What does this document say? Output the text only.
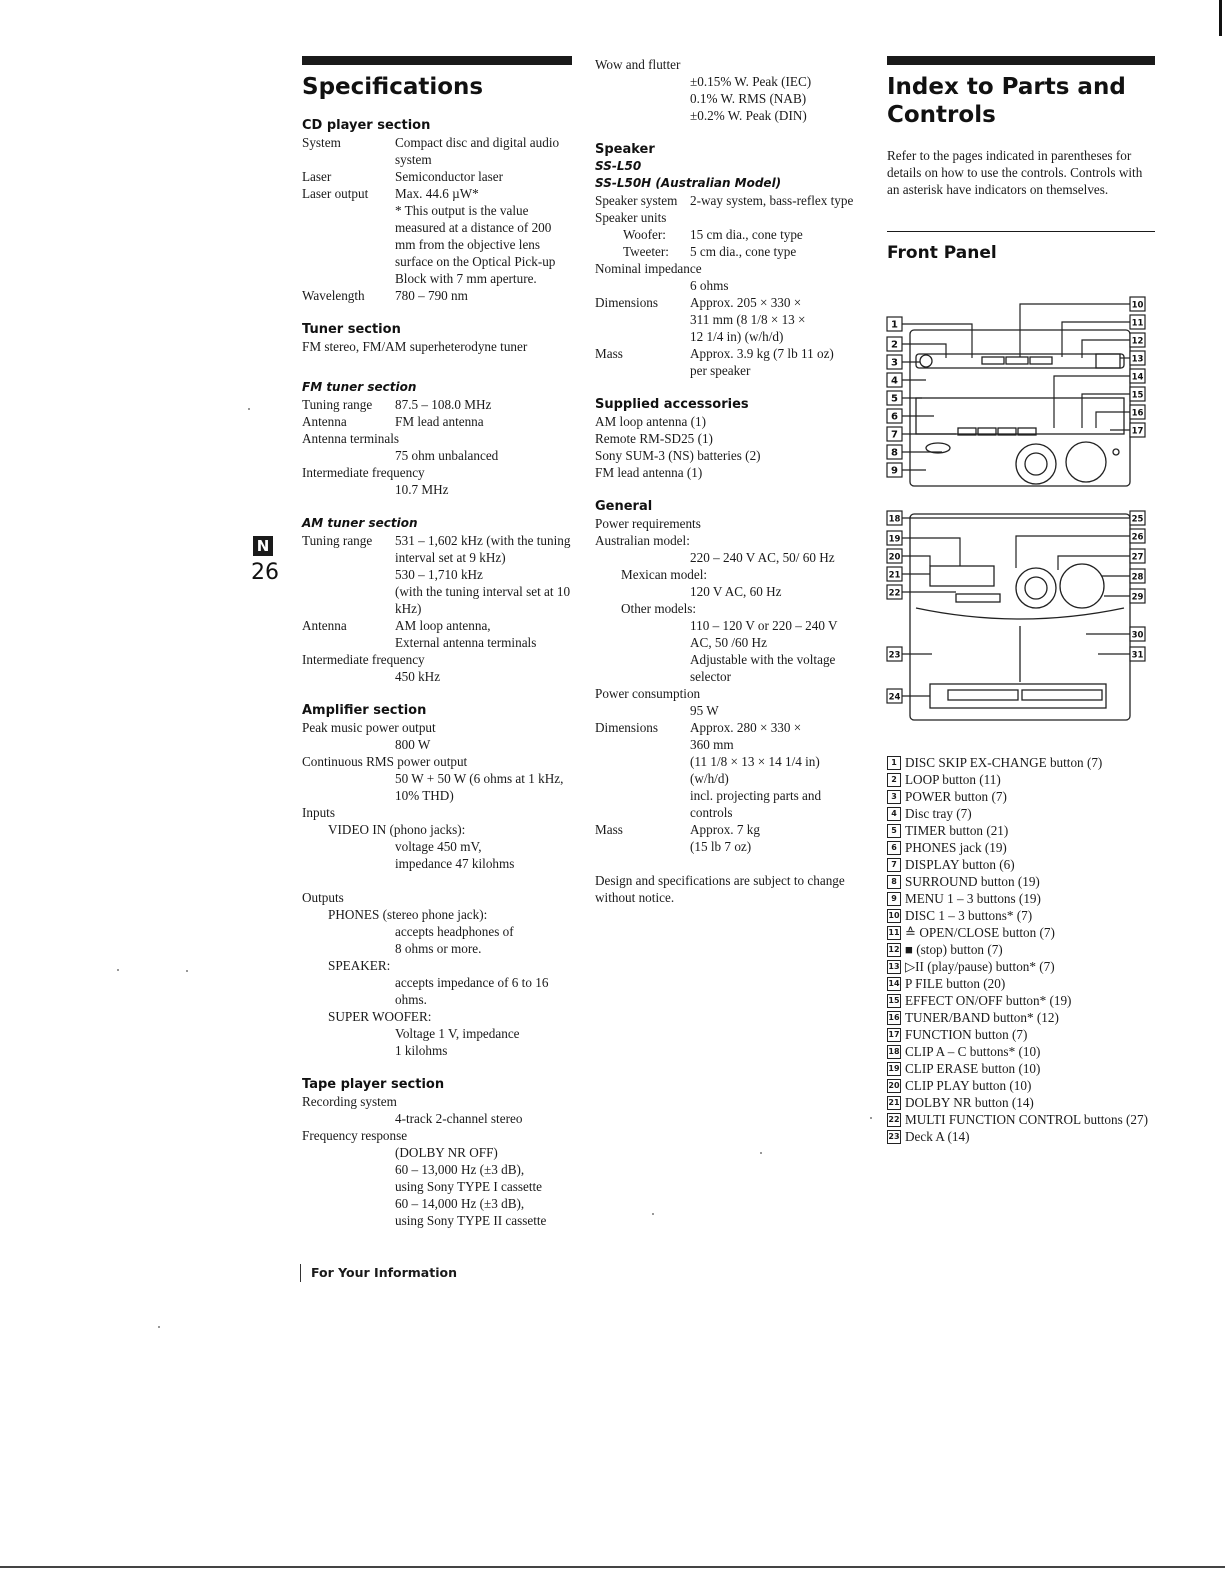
N
26
Specifications
CD player section
System	Compact disc and digital audio system
Laser	Semiconductor laser
Laser output	Max. 44.6 µW*
* This output is the value measured at a distance of 200 mm from the objective lens surface on the Optical Pick-up Block with 7 mm aperture.
Wavelength	780 – 790 nm
Tuner section
FM stereo, FM/AM superheterodyne tuner
FM tuner section
Tuning range	87.5 – 108.0 MHz
Antenna	FM lead antenna
Antenna terminals
75 ohm unbalanced
Intermediate frequency
10.7 MHz
AM tuner section
Tuning range	531 – 1,602 kHz (with the tuning interval set at 9 kHz)
530 – 1,710 kHz
(with the tuning interval set at 10 kHz)
Antenna	AM loop antenna,
External antenna terminals
Intermediate frequency
450 kHz
Amplifier section
Peak music power output
800 W
Continuous RMS power output
50 W + 50 W (6 ohms at 1 kHz, 10% THD)
Inputs
VIDEO IN (phono jacks):
voltage 450 mV,
impedance 47 kilohms
Outputs
PHONES (stereo phone jack):
accepts headphones of
8 ohms or more.
SPEAKER:
accepts impedance of 6 to 16 ohms.
SUPER WOOFER:
Voltage 1 V, impedance
1 kilohms
Tape player section
Recording system
4-track 2-channel stereo
Frequency response
(DOLBY NR OFF)
60 – 13,000 Hz (±3 dB),
using Sony TYPE I cassette
60 – 14,000 Hz (±3 dB),
using Sony TYPE II cassette
Wow and flutter
±0.15% W. Peak (IEC)
0.1% W. RMS (NAB)
±0.2% W. Peak (DIN)
Speaker
SS-L50
SS-L50H (Australian Model)
Speaker system 2-way system, bass-reflex type
Speaker units
Woofer:	15 cm dia., cone type
Tweeter:	5 cm dia., cone type
Nominal impedance
6 ohms
Dimensions	Approx. 205 × 330 ×
311 mm (8 1/8 × 13 ×
12 1/4 in) (w/h/d)
Mass	Approx. 3.9 kg (7 lb 11 oz)
per speaker
Supplied accessories
AM loop antenna (1)
Remote RM-SD25 (1)
Sony SUM-3 (NS) batteries (2)
FM lead antenna (1)
General
Power requirements
Australian model:
220 – 240 V AC, 50/ 60 Hz
Mexican model:
120 V AC, 60 Hz
Other models:
110 – 120 V or 220 – 240 V
AC, 50 /60 Hz
Adjustable with the voltage
selector
Power consumption
95 W
Dimensions	Approx. 280 × 330 ×
360 mm
(11 1/8 × 13 × 14 1/4 in)
(w/h/d)
incl. projecting parts and
controls
Mass	Approx. 7 kg
(15 lb 7 oz)
Design and specifications are subject to change without notice.
Index to Parts and
Controls
Refer to the pages indicated in parentheses for details on how to use the controls. Controls with an asterisk have indicators on themselves.
Front Panel
1
2
3
4
5
6
7
8
9
10
11
12
13
14
15
16
17
18
19
20
21
22
23
24
25
26
27
28
29
30
31
1 DISC SKIP EX-CHANGE button (7)
2 LOOP button (11)
3 POWER button (7)
4 Disc tray (7)
5 TIMER button (21)
6 PHONES jack (19)
7 DISPLAY button (6)
8 SURROUND button (19)
9 MENU 1 – 3 buttons (19)
10 DISC 1 – 3 buttons* (7)
11 ≙ OPEN/CLOSE button (7)
12 ■ (stop) button (7)
13 ▷II (play/pause) button* (7)
14 P FILE button (20)
15 EFFECT ON/OFF button* (19)
16 TUNER/BAND button* (12)
17 FUNCTION button (7)
18 CLIP A – C buttons* (10)
19 CLIP ERASE button (10)
20 CLIP PLAY button (10)
21 DOLBY NR button (14)
22 MULTI FUNCTION CONTROL buttons (27)
23 Deck A (14)
For Your Information
